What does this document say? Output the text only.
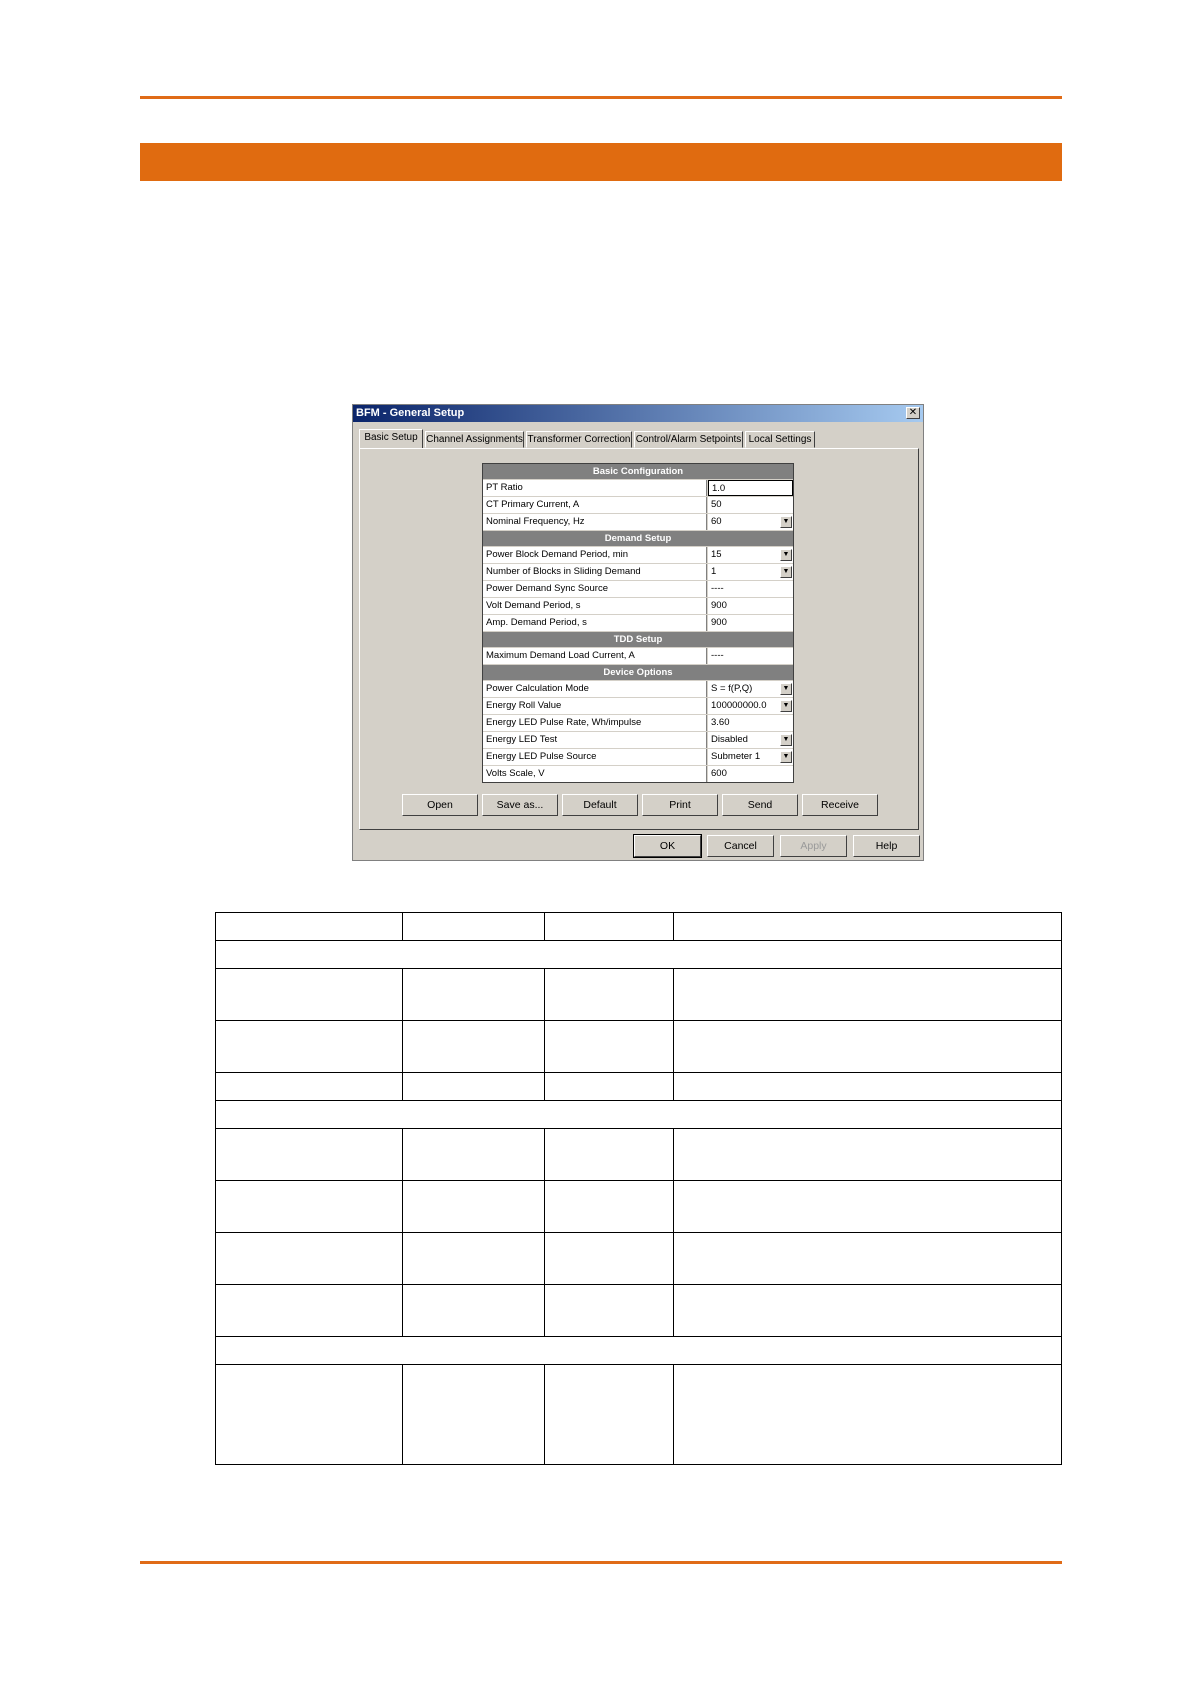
BFM - General Setup	✕
Basic Setup Channel Assignments Transformer Correction Control/Alarm Setpoints Local Settings
Basic Configuration
PT Ratio	1.0
CT Primary Current, A	50
Nominal Frequency, Hz	60	▼
Demand Setup
Power Block Demand Period, min	15	▼
Number of Blocks in Sliding Demand	1	▼
Power Demand Sync Source	----
Volt Demand Period, s	900
Amp. Demand Period, s	900
TDD Setup
Maximum Demand Load Current, A	----
Device Options
Power Calculation Mode	S = f(P,Q)	▼
Energy Roll Value	100000000.0	▼
Energy LED Pulse Rate, Wh/impulse	3.60
Energy LED Test	Disabled	▼
Energy LED Pulse Source	Submeter 1	▼
Volts Scale, V	600
Open	Save as...	Default	Print	Send	Receive
OK	Cancel	Apply	Help
